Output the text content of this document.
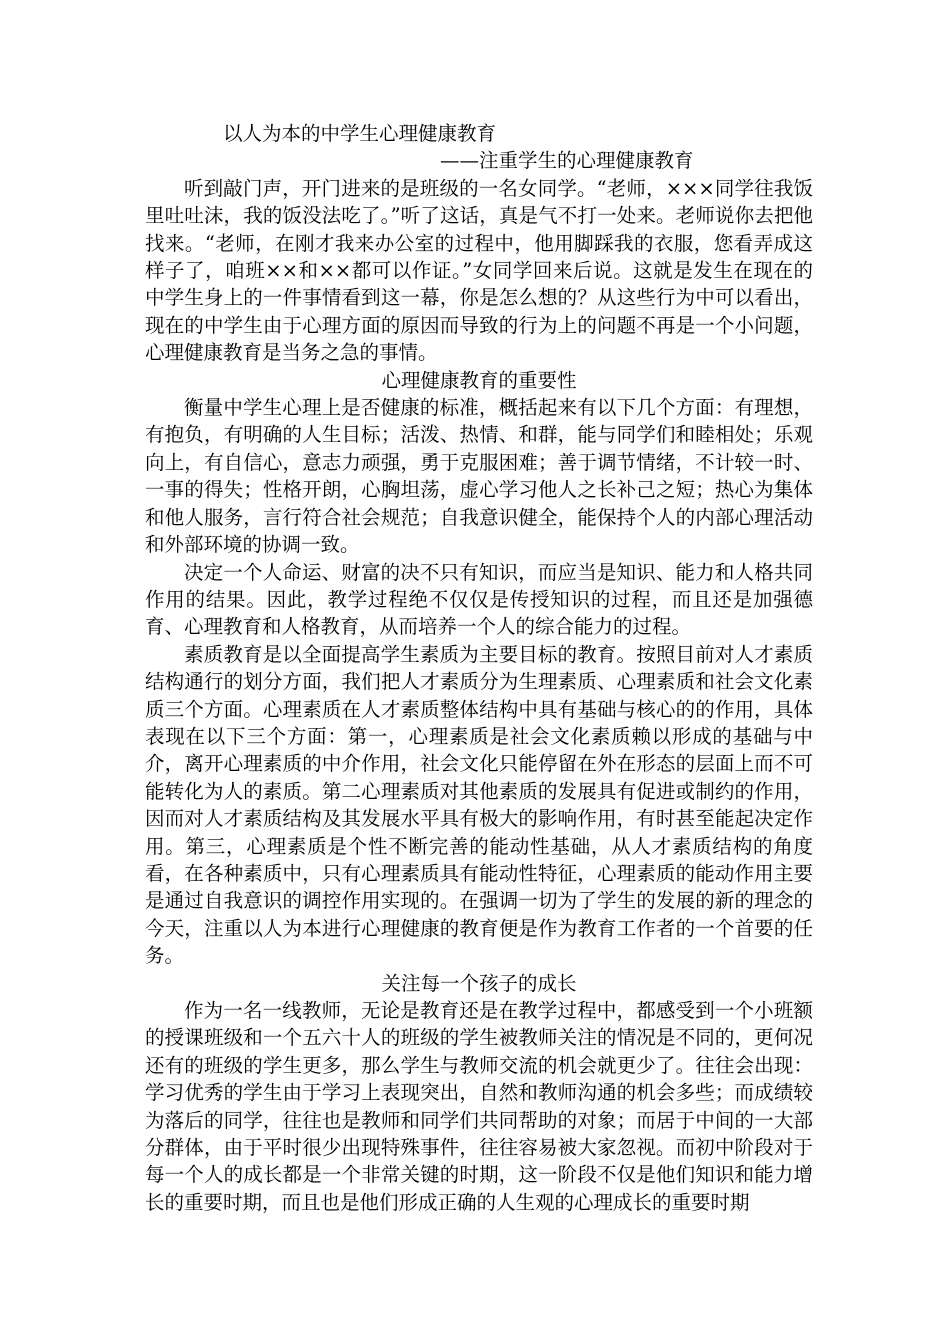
以人为本的中学生心理健康教育
——注重学生的心理健康教育

听到敲门声，开门进来的是班级的一名女同学。“老师，×××同学往我饭里吐吐沫，我的饭没法吃了。”听了这话，真是气不打一处来。老师说你去把他找来。“老师，在刚才我来办公室的过程中，他用脚踩我的衣服，您看弄成这样子了，咱班××和××都可以作证。”女同学回来后说。这就是发生在现在的中学生身上的一件事情看到这一幕，你是怎么想的？从这些行为中可以看出，现在的中学生由于心理方面的原因而导致的行为上的问题不再是一个小问题，心理健康教育是当务之急的事情。

心理健康教育的重要性

衡量中学生心理上是否健康的标准，概括起来有以下几个方面：有理想，有抱负，有明确的人生目标；活泼、热情、和群，能与同学们和睦相处；乐观向上，有自信心，意志力顽强，勇于克服困难；善于调节情绪，不计较一时、一事的得失；性格开朗，心胸坦荡，虚心学习他人之长补己之短；热心为集体和他人服务，言行符合社会规范；自我意识健全，能保持个人的内部心理活动和外部环境的协调一致。

决定一个人命运、财富的决不只有知识，而应当是知识、能力和人格共同作用的结果。因此，教学过程绝不仅仅是传授知识的过程，而且还是加强德育、心理教育和人格教育，从而培养一个人的综合能力的过程。

素质教育是以全面提高学生素质为主要目标的教育。按照目前对人才素质结构通行的划分方面，我们把人才素质分为生理素质、心理素质和社会文化素质三个方面。心理素质在人才素质整体结构中具有基础与核心的的作用，具体表现在以下三个方面：第一，心理素质是社会文化素质赖以形成的基础与中介，离开心理素质的中介作用，社会文化只能停留在外在形态的层面上而不可能转化为人的素质。第二心理素质对其他素质的发展具有促进或制约的作用，因而对人才素质结构及其发展水平具有极大的影响作用，有时甚至能起决定作用。第三，心理素质是个性不断完善的能动性基础，从人才素质结构的角度看，在各种素质中，只有心理素质具有能动性特征，心理素质的能动作用主要是通过自我意识的调控作用实现的。在强调一切为了学生的发展的新的理念的今天，注重以人为本进行心理健康的教育便是作为教育工作者的一个首要的任务。

关注每一个孩子的成长

作为一名一线教师，无论是教育还是在教学过程中，都感受到一个小班额的授课班级和一个五六十人的班级的学生被教师关注的情况是不同的，更何况还有的班级的学生更多，那么学生与教师交流的机会就更少了。往往会出现：学习优秀的学生由于学习上表现突出，自然和教师沟通的机会多些；而成绩较为落后的同学，往往也是教师和同学们共同帮助的对象；而居于中间的一大部分群体，由于平时很少出现特殊事件，往往容易被大家忽视。而初中阶段对于每一个人的成长都是一个非常关键的时期，这一阶段不仅是他们知识和能力增长的重要时期，而且也是他们形成正确的人生观的心理成长的重要时期
